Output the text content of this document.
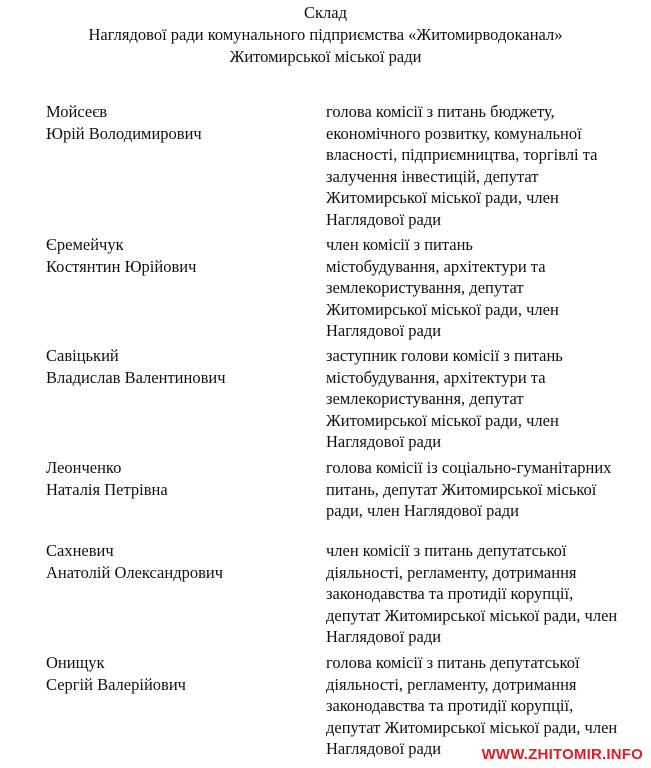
Склад
Наглядової ради комунального підприємства «Житомирводоканал»
Житомирської міської ради
Мойсеєв
Юрій Володимирович
голова комісії з питань бюджету,
економічного розвитку, комунальної
власності, підприємництва, торгівлі та
залучення інвестицій, депутат
Житомирської міської ради, член
Наглядової ради
Єремейчук
Костянтин Юрійович
член комісії з питань
містобудування, архітектури та
землекористування, депутат
Житомирської міської ради, член
Наглядової ради
Савіцький
Владислав Валентинович
заступник голови комісії з питань
містобудування, архітектури та
землекористування, депутат
Житомирської міської ради, член
Наглядової ради
Леонченко
Наталія Петрівна
голова комісії із соціально-гуманітарних
питань, депутат Житомирської міської
ради, член Наглядової ради
Сахневич
Анатолій Олександрович
член комісії з питань депутатської
діяльності, регламенту, дотримання
законодавства та протидії корупції,
депутат Житомирської міської ради, член
Наглядової ради
Онищук
Сергій Валерійович
голова комісії з питань депутатської
діяльності, регламенту, дотримання
законодавства та протидії корупції,
депутат Житомирської міської ради, член
Наглядової ради	WWW.ZHITOMIR.INFO
